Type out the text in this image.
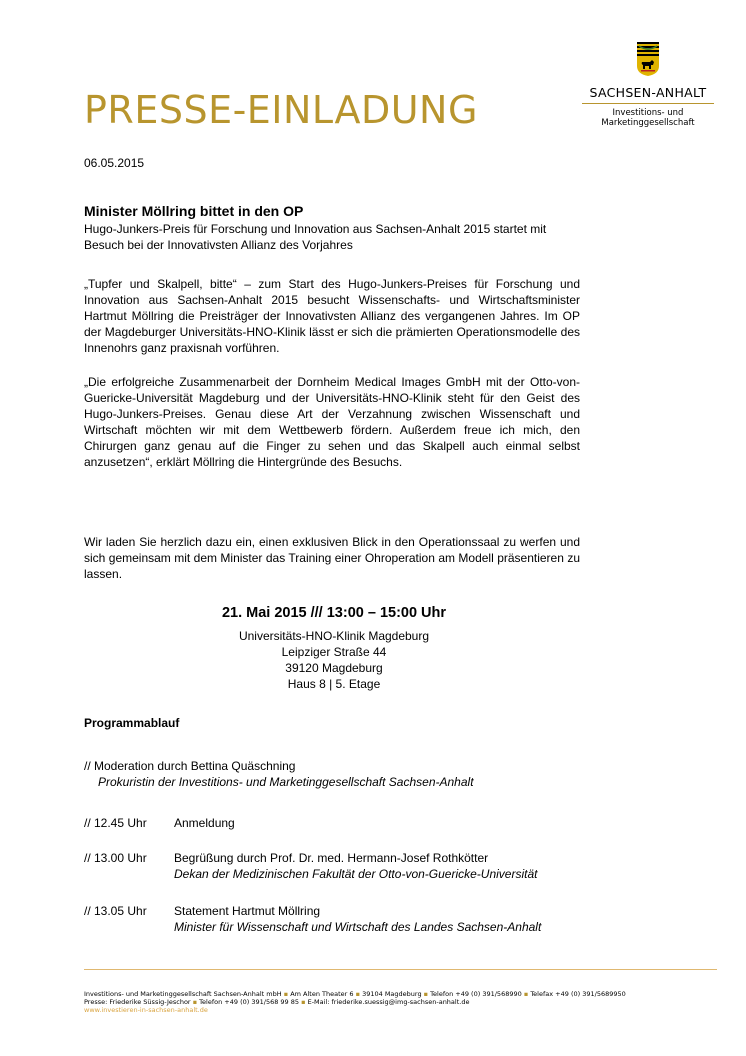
PRESSE-EINLADUNG	SACHSEN-ANHALT
Investitions- und
Marketinggesellschaft
06.05.2015
Minister Möllring bittet in den OP
Hugo-Junkers-Preis für Forschung und Innovation aus Sachsen-Anhalt 2015 startet mit Besuch bei der Innovativsten Allianz des Vorjahres
„Tupfer und Skalpell, bitte“ – zum Start des Hugo-Junkers-Preises für Forschung und Innovation aus Sachsen-Anhalt 2015 besucht Wissenschafts- und Wirtschaftsminister Hartmut Möllring die Preisträger der Innovativsten Allianz des vergangenen Jahres. Im OP der Magdeburger Universitäts-HNO-Klinik lässt er sich die prämierten Operationsmodelle des Innenohrs ganz praxisnah vorführen.
„Die erfolgreiche Zusammenarbeit der Dornheim Medical Images GmbH mit der Otto-von-Guericke-Universität Magdeburg und der Universitäts-HNO-Klinik steht für den Geist des Hugo-Junkers-Preises. Genau diese Art der Verzahnung zwischen Wissenschaft und Wirtschaft möchten wir mit dem Wettbewerb fördern. Außerdem freue ich mich, den Chirurgen ganz genau auf die Finger zu sehen und das Skalpell auch einmal selbst anzusetzen“, erklärt Möllring die Hintergründe des Besuchs.
Wir laden Sie herzlich dazu ein, einen exklusiven Blick in den Operationssaal zu werfen und sich gemeinsam mit dem Minister das Training einer Ohroperation am Modell präsentieren zu lassen.
21. Mai 2015 /// 13:00 – 15:00 Uhr
Universitäts-HNO-Klinik Magdeburg
Leipziger Straße 44
39120 Magdeburg
Haus 8 | 5. Etage
Programmablauf
// Moderation durch Bettina Quäschning
Prokuristin der Investitions- und Marketinggesellschaft Sachsen-Anhalt
// 12.45 Uhr Anmeldung
// 13.00 Uhr Begrüßung durch Prof. Dr. med. Hermann-Josef Rothkötter
Dekan der Medizinischen Fakultät der Otto-von-Guericke-Universität
// 13.05 Uhr Statement Hartmut Möllring
Minister für Wissenschaft und Wirtschaft des Landes Sachsen-Anhalt
Investitions- und Marketinggesellschaft Sachsen-Anhalt mbH ▪ Am Alten Theater 6 ▪ 39104 Magdeburg ▪ Telefon +49 (0) 391/568990 ▪ Telefax +49 (0) 391/5689950
Presse: Friederike Süssig-Jeschor ▪ Telefon +49 (0) 391/568 99 85 ▪ E-Mail: friederike.suessig@img-sachsen-anhalt.de
www.investieren-in-sachsen-anhalt.de
